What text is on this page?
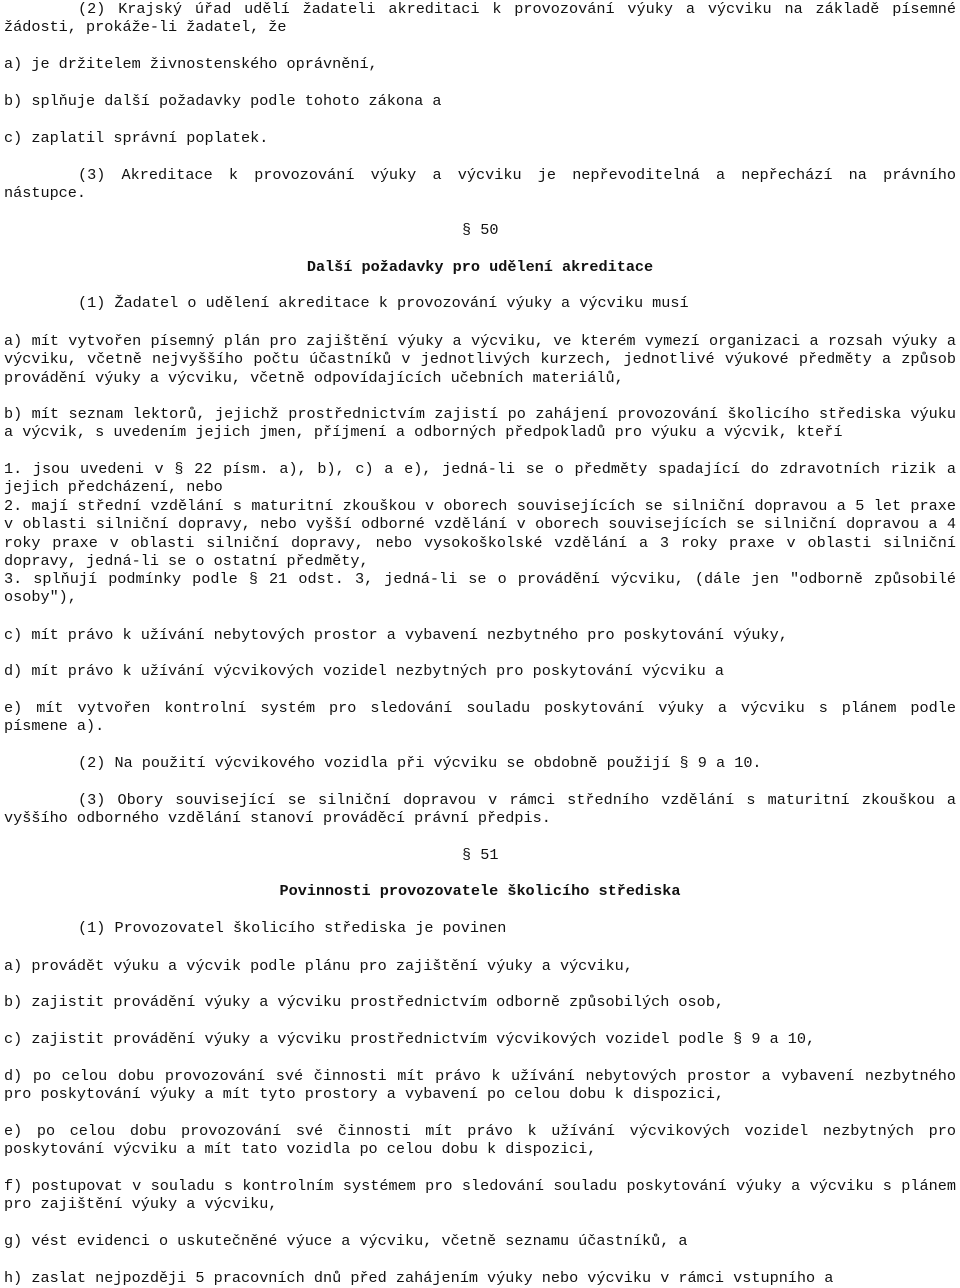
(2) Krajský úřad udělí žadateli akreditaci k provozování výuky a výcviku na základě písemné žádosti, prokáže-li žadatel, že

a) je držitelem živnostenského oprávnění,

b) splňuje další požadavky podle tohoto zákona a

c) zaplatil správní poplatek.

(3) Akreditace k provozování výuky a výcviku je nepřevoditelná a nepřechází na právního nástupce.

§ 50

Další požadavky pro udělení akreditace

(1) Žadatel o udělení akreditace k provozování výuky a výcviku musí

a) mít vytvořen písemný plán pro zajištění výuky a výcviku, ve kterém vymezí organizaci a rozsah výuky a výcviku, včetně nejvyššího počtu účastníků v jednotlivých kurzech, jednotlivé výukové předměty a způsob provádění výuky a výcviku, včetně odpovídajících učebních materiálů,

b) mít seznam lektorů, jejichž prostřednictvím zajistí po zahájení provozování školicího střediska výuku a výcvik, s uvedením jejich jmen, příjmení a odborných předpokladů pro výuku a výcvik, kteří

1. jsou uvedeni v § 22 písm. a), b), c) a e), jedná-li se o předměty spadající do zdravotních rizik a jejich předcházení, nebo

2. mají střední vzdělání s maturitní zkouškou v oborech souvisejících se silniční dopravou a 5 let praxe v oblasti silniční dopravy, nebo vyšší odborné vzdělání v oborech souvisejících se silniční dopravou a 4 roky praxe v oblasti silniční dopravy, nebo vysokoškolské vzdělání a 3 roky praxe v oblasti silniční dopravy, jedná-li se o ostatní předměty,

3. splňují podmínky podle § 21 odst. 3, jedná-li se o provádění výcviku, (dále jen "odborně způsobilé osoby"),

c) mít právo k užívání nebytových prostor a vybavení nezbytného pro poskytování výuky,

d) mít právo k užívání výcvikových vozidel nezbytných pro poskytování výcviku a

e) mít vytvořen kontrolní systém pro sledování souladu poskytování výuky a výcviku s plánem podle písmene a).

(2) Na použití výcvikového vozidla při výcviku se obdobně použijí § 9 a 10.

(3) Obory související se silniční dopravou v rámci středního vzdělání s maturitní zkouškou a vyššího odborného vzdělání stanoví prováděcí právní předpis.

§ 51

Povinnosti provozovatele školicího střediska

(1) Provozovatel školicího střediska je povinen

a) provádět výuku a výcvik podle plánu pro zajištění výuky a výcviku,

b) zajistit provádění výuky a výcviku prostřednictvím odborně způsobilých osob,

c) zajistit provádění výuky a výcviku prostřednictvím výcvikových vozidel podle § 9 a 10,

d) po celou dobu provozování své činnosti mít právo k užívání nebytových prostor a vybavení nezbytného pro poskytování výuky a mít tyto prostory a vybavení po celou dobu k dispozici,

e) po celou dobu provozování své činnosti mít právo k užívání výcvikových vozidel nezbytných pro poskytování výcviku a mít tato vozidla po celou dobu k dispozici,

f) postupovat v souladu s kontrolním systémem pro sledování souladu poskytování výuky a výcviku s plánem pro zajištění výuky a výcviku,

g) vést evidenci o uskutečněné výuce a výcviku, včetně seznamu účastníků, a

h) zaslat nejpozději 5 pracovních dnů před zahájením výuky nebo výcviku v rámci vstupního a
